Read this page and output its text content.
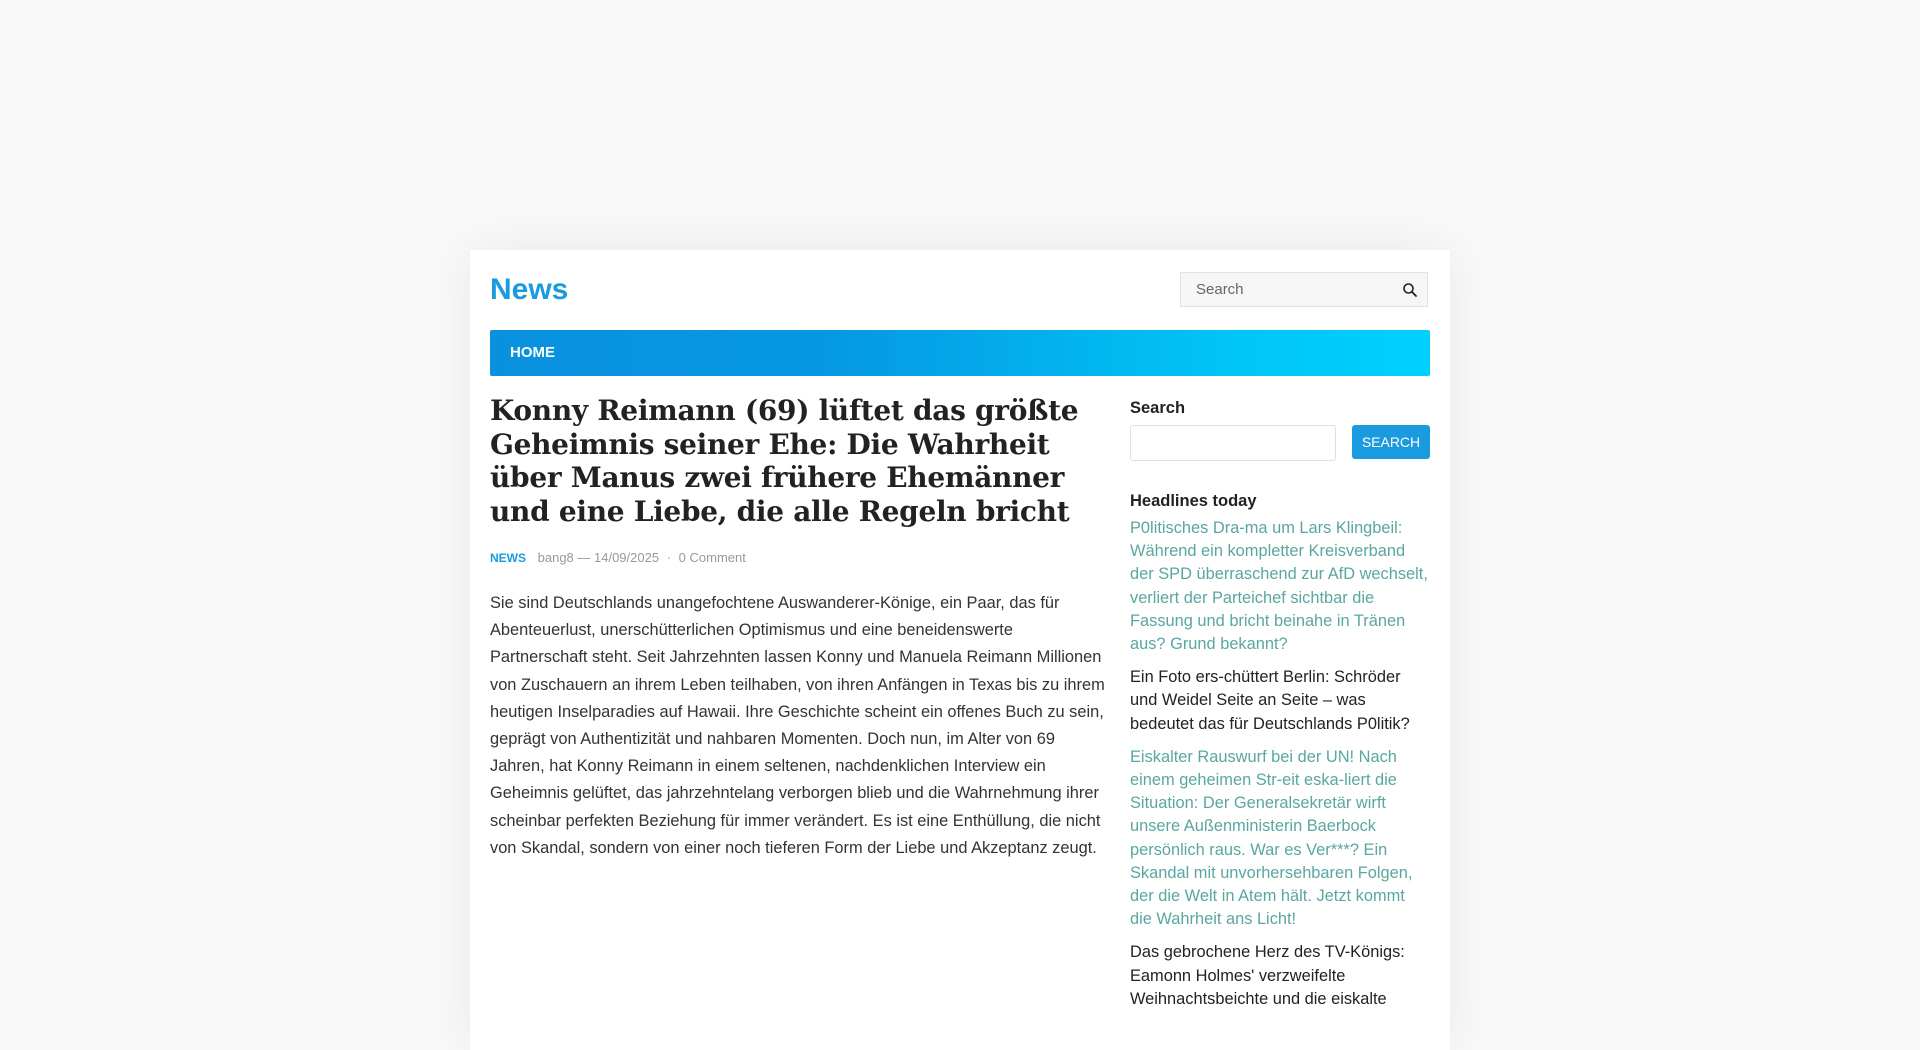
News
Search
HOME
Konny Reimann (69) lüftet das größte Geheimnis seiner Ehe: Die Wahrheit über Manus zwei frühere Ehemänner und eine Liebe, die alle Regeln bricht
NEWS bang8 — 14/09/2025 · 0 Comment

Sie sind Deutschlands unangefochtene Auswanderer-Könige, ein Paar, das für Abenteuerlust, unerschütterlichen Optimismus und eine beneidenswerte Partnerschaft steht. Seit Jahrzehnten lassen Konny und Manuela Reimann Millionen von Zuschauern an ihrem Leben teilhaben, von ihren Anfängen in Texas bis zu ihrem heutigen Inselparadies auf Hawaii. Ihre Geschichte scheint ein offenes Buch zu sein, geprägt von Authentizität und nahbaren Momenten. Doch nun, im Alter von 69 Jahren, hat Konny Reimann in einem seltenen, nachdenklichen Interview ein Geheimnis gelüftet, das jahrzehntelang verborgen blieb und die Wahrnehmung ihrer scheinbar perfekten Beziehung für immer verändert. Es ist eine Enthüllung, die nicht von Skandal, sondern von einer noch tieferen Form der Liebe und Akzeptanz zeugt.

Search
SEARCH
Headlines today
P0litisches Dra-ma um Lars Klingbeil: Während ein kompletter Kreisverband der SPD überraschend zur AfD wechselt, verliert der Parteichef sichtbar die Fassung und bricht beinahe in Tränen aus? Grund bekannt?
Ein Foto ers-chüttert Berlin: Schröder und Weidel Seite an Seite – was bedeutet das für Deutschlands P0litik?
Eiskalter Rauswurf bei der UN! Nach einem geheimen Str-eit eska-liert die Situation: Der Generalsekretär wirft unsere Außenministerin Baerbock persönlich raus. War es Ver***? Ein Skandal mit unvorhersehbaren Folgen, der die Welt in Atem hält. Jetzt kommt die Wahrheit ans Licht!
Das gebrochene Herz des TV-Königs: Eamonn Holmes' verzweifelte Weihnachtsbeichte und die eiskalte
